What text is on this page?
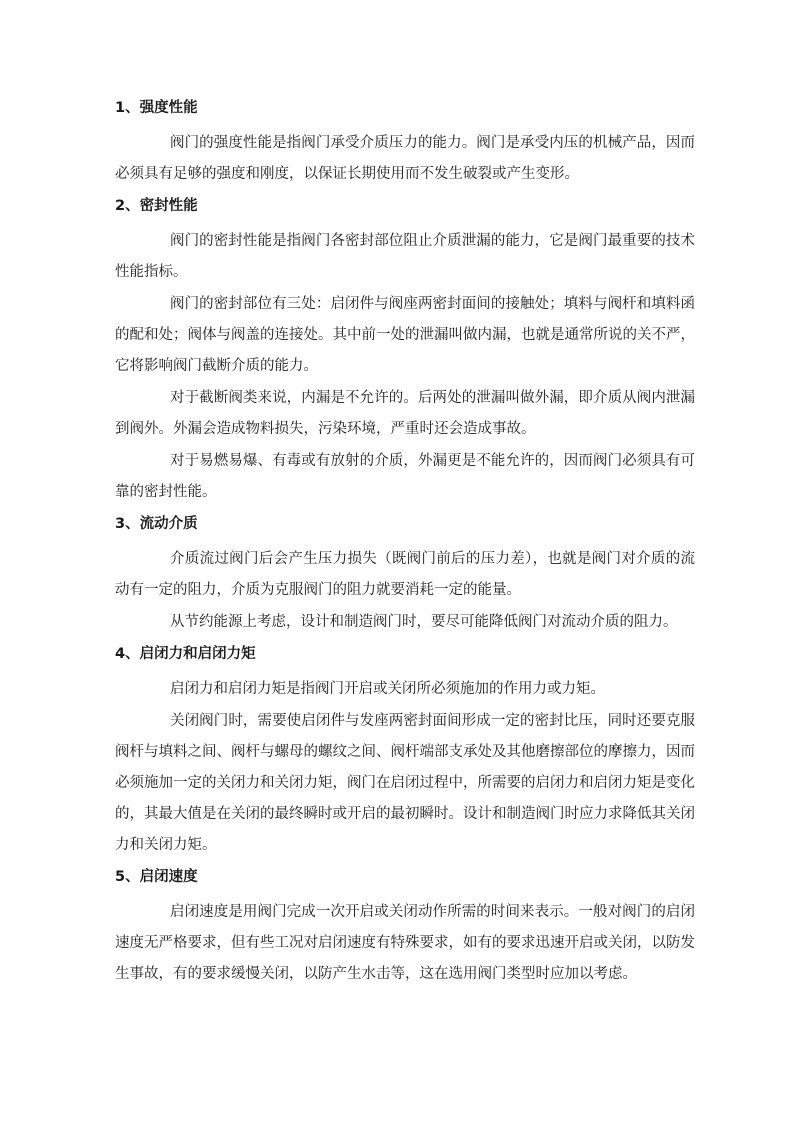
1、强度性能

阀门的强度性能是指阀门承受介质压力的能力。阀门是承受内压的机械产品，因而必须具有足够的强度和刚度，以保证长期使用而不发生破裂或产生变形。

2、密封性能

阀门的密封性能是指阀门各密封部位阻止介质泄漏的能力，它是阀门最重要的技术性能指标。

阀门的密封部位有三处：启闭件与阀座两密封面间的接触处；填料与阀杆和填料函的配和处；阀体与阀盖的连接处。其中前一处的泄漏叫做内漏，也就是通常所说的关不严，它将影响阀门截断介质的能力。

对于截断阀类来说，内漏是不允许的。后两处的泄漏叫做外漏，即介质从阀内泄漏到阀外。外漏会造成物料损失，污染环境，严重时还会造成事故。

对于易燃易爆、有毒或有放射的介质，外漏更是不能允许的，因而阀门必须具有可靠的密封性能。

3、流动介质

介质流过阀门后会产生压力损失（既阀门前后的压力差），也就是阀门对介质的流动有一定的阻力，介质为克服阀门的阻力就要消耗一定的能量。

从节约能源上考虑，设计和制造阀门时，要尽可能降低阀门对流动介质的阻力。

4、启闭力和启闭力矩

启闭力和启闭力矩是指阀门开启或关闭所必须施加的作用力或力矩。

关闭阀门时，需要使启闭件与发座两密封面间形成一定的密封比压，同时还要克服阀杆与填料之间、阀杆与螺母的螺纹之间、阀杆端部支承处及其他磨擦部位的摩擦力，因而必须施加一定的关闭力和关闭力矩，阀门在启闭过程中，所需要的启闭力和启闭力矩是变化的，其最大值是在关闭的最终瞬时或开启的最初瞬时。设计和制造阀门时应力求降低其关闭力和关闭力矩。

5、启闭速度

启闭速度是用阀门完成一次开启或关闭动作所需的时间来表示。一般对阀门的启闭速度无严格要求，但有些工况对启闭速度有特殊要求，如有的要求迅速开启或关闭，以防发生事故，有的要求缓慢关闭，以防产生水击等，这在选用阀门类型时应加以考虑。
